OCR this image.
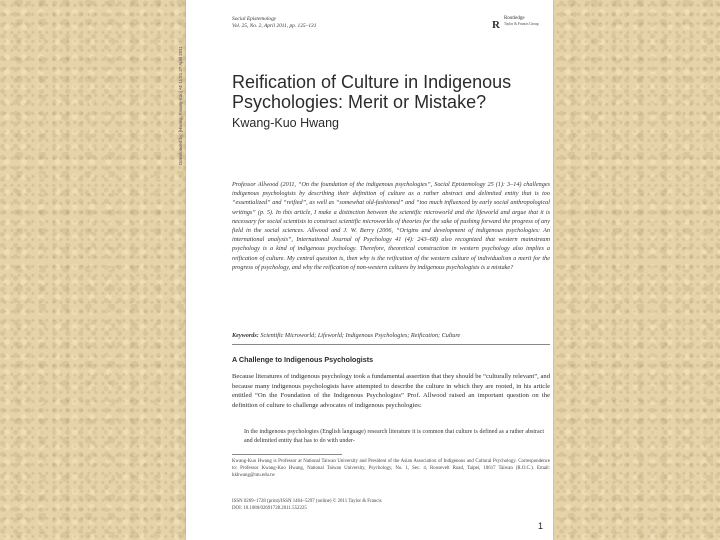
Social Epistemology
Vol. 25, No. 2, April 2011, pp. 125–131	R
Routledge
Taylor & Francis Group
Downloaded by: [Hwang, Kwang-Kuo] At: 11:21 27 April 2011	Reification of Culture in Indigenous
Psychologies: Merit or Mistake?
Kwang-Kuo Hwang
Professor Allwood (2011, “On the foundation of the indigenous psychologies”, Social Epistemology 25 (1): 3–14) challenges indigenous psychologists by describing their definition of culture as a rather abstract and delimited entity that is too “essentialized” and “reified”, as well as “somewhat old-fashioned” and “too much influenced by early social anthropological writings” (p. 5). In this article, I make a distinction between the scientific microworld and the lifeworld and argue that it is necessary for social scientists to construct scientific microworlds of theories for the sake of pushing forward the progress of any field in the social sciences. Allwood and J. W. Berry (2006, “Origins and development of indigenous psychologies: An international analysis”, International Journal of Psychology 41 (4): 243–68) also recognized that western mainstream psychology is a kind of indigenous psychology. Therefore, theoretical construction in western psychology also implies a reification of culture. My central question is, then why is the reification of the western culture of individualism a merit for the progress of psychology, and why the reification of non-western cultures by indigenous psychologists is a mistake?
Keywords: Scientific Microworld; Lifeworld; Indigenous Psychologies; Reification; Culture
A Challenge to Indigenous Psychologists
Because literatures of indigenous psychology took a fundamental assertion that they should be “culturally relevant”, and because many indigenous psychologists have attempted to describe the culture in which they are rooted, in his article entitled “On the Foundation of the Indigenous Psychologies” Prof. Allwood raised an important question on the definition of culture to challenge advocates of indigenous psychologies:
In the indigenous psychologies (English language) research literature it is common that culture is defined as a rather abstract and delimited entity that has to do with under-
Kwang-Kuo Hwang is Professor at National Taiwan University and President of the Asian Association of Indigenous and Cultural Psychology. Correspondence to: Professor Kwang-Kuo Hwang, National Taiwan University, Psychology, No. 1, Sec. 4, Roosevelt Road, Taipei, 10617 Taiwan (R.O.C.). Email: kkhwang@ntu.edu.tw
ISSN 0269–1728 (print)/ISSN 1464–5297 (online) © 2011 Taylor & Francis
DOI: 10.1080/02691728.2011.552225
1
